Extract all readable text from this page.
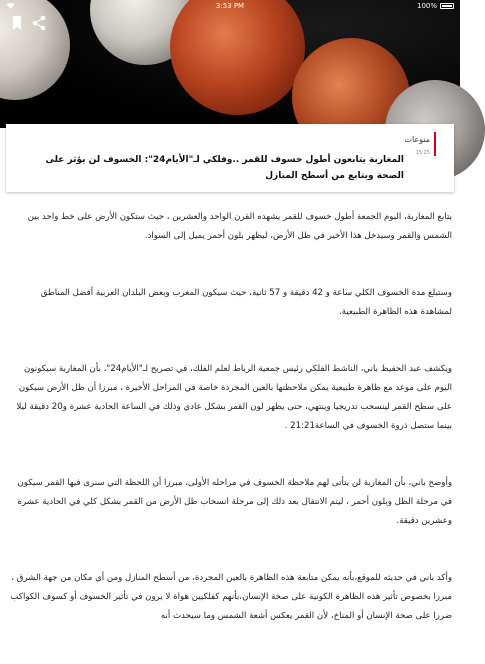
3:53 PM	100%
منوعات
15:25
المغاربة يتابعون أطول خسوف للقمر ..وفلكي لـ"الأيام24": الخسوف لن يؤثر على الصحة ويتابع من أسطح المنازل

يتابع المغاربة، اليوم الجمعة أطول خسوف للقمر يشهده القرن الواحد والعشرين ، حيث ستكون الأرض على خط واحد بين الشمس والقمر وسيدخل هذا الأخير في ظل الأرض، ليظهر بلون أحمر يميل إلى السواد.

وستبلغ مدة الخسوف الكلي ساعة و 42 دقيقة و 57 ثانية، حيث سيكون المغرب وبعض البلدان العربية أفضل المناطق لمشاهدة هذه الظاهرة الطبيعية.

ويكشف عبد الحفيظ باني، الناشط الفلكي رئيس جمعية الرباط لعلم الفلك، في تصريح لـ"الأيام24"، بأن المغاربة سيكونون اليوم على موعد مع ظاهرة طبيعية يمكن ملاحظتها بالعين المجردة خاصة في المراحل الأخيرة ، مبرزا أن ظل الأرض سيكون على سطح القمر لينسحب تدريجيا وينتهي، حتى يظهر لون القمر بشكل عادي وذلك في الساعة الحادية عشرة و20 دقيقة ليلا بينما ستصل ذروة الخسوف في الساعة21:21 .

وأوضح باني، بأن المغاربة لن يتأتى لهم ملاحظة الخسوف في مراحله الأولى، مبرزا أن اللحظة التي سنرى فيها القمر سيكون في مرحلة الظل وبلون أحمر ، ليتم الانتقال بعد ذلك إلى مرحلة انسحاب ظل الأرض من القمر بشكل كلي في الحادية عشرة وعشرين دقيقة.

وأكد باني في حديثه للموقع،بأنه يمكن متابعة هذه الظاهرة بالعين المجردة، من أسطح المنازل ومن أي مكان من جهة الشرق ، مبرزا بخصوص تأثير هذه الظاهرة الكونية على صحة الإنسان،بأنهم كفلكيين هواة لا يرون في تأثير الخسوف أو كسوف الكواكب ضررا على صحة الإنسان أو المناخ، لأن القمر يعكس أشعة الشمس وما سيحدث أنه
